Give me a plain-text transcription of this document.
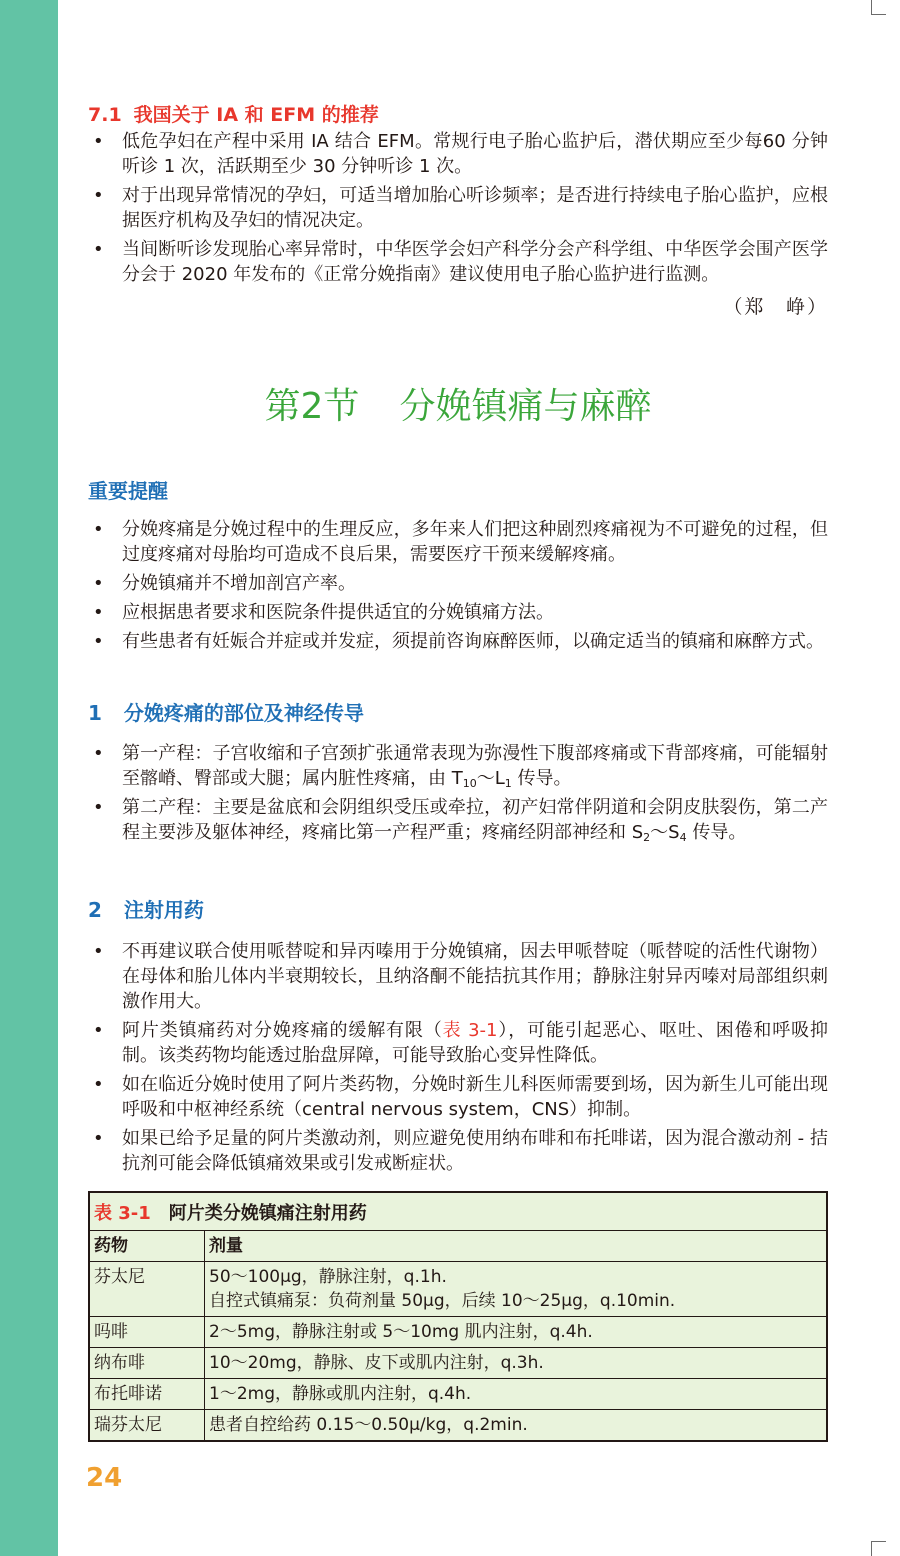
7.1 我国关于 IA 和 EFM 的推荐
• 低危孕妇在产程中采用 IA 结合 EFM。常规行电子胎心监护后，潜伏期应至少每60 分钟听诊 1 次，活跃期至少 30 分钟听诊 1 次。
• 对于出现异常情况的孕妇，可适当增加胎心听诊频率；是否进行持续电子胎心监护，应根据医疗机构及孕妇的情况决定。
• 当间断听诊发现胎心率异常时，中华医学会妇产科学分会产科学组、中华医学会围产医学分会于 2020 年发布的《正常分娩指南》建议使用电子胎心监护进行监测。
（郑　峥）
第2节 分娩镇痛与麻醉
重要提醒
• 分娩疼痛是分娩过程中的生理反应，多年来人们把这种剧烈疼痛视为不可避免的过程，但过度疼痛对母胎均可造成不良后果，需要医疗干预来缓解疼痛。
• 分娩镇痛并不增加剖宫产率。
• 应根据患者要求和医院条件提供适宜的分娩镇痛方法。
• 有些患者有妊娠合并症或并发症，须提前咨询麻醉医师，以确定适当的镇痛和麻醉方式。
1 分娩疼痛的部位及神经传导
• 第一产程：子宫收缩和子宫颈扩张通常表现为弥漫性下腹部疼痛或下背部疼痛，可能辐射至髂嵴、臀部或大腿；属内脏性疼痛，由 $T_{10}\sim L_1$ 传导。
• 第二产程：主要是盆底和会阴组织受压或牵拉，初产妇常伴阴道和会阴皮肤裂伤，第二产程主要涉及躯体神经，疼痛比第一产程严重；疼痛经阴部神经和 $S_2\sim S_4$ 传导。
2 注射用药
• 不再建议联合使用哌替啶和异丙嗪用于分娩镇痛，因去甲哌替啶（哌替啶的活性代谢物）在母体和胎儿体内半衰期较长，且纳洛酮不能拮抗其作用；静脉注射异丙嗪对局部组织刺激作用大。
• 阿片类镇痛药对分娩疼痛的缓解有限（表 3-1），可能引起恶心、呕吐、困倦和呼吸抑制。该类药物均能透过胎盘屏障，可能导致胎心变异性降低。
• 如在临近分娩时使用了阿片类药物，分娩时新生儿科医师需要到场，因为新生儿可能出现呼吸和中枢神经系统（central nervous system，CNS）抑制。
• 如果已给予足量的阿片类激动剂，则应避免使用纳布啡和布托啡诺，因为混合激动剂 - 拮抗剂可能会降低镇痛效果或引发戒断症状。
表 3-1 阿片类分娩镇痛注射用药
药物	剂量
芬太尼	50～100μg，静脉注射，q.1h.
自控式镇痛泵：负荷剂量 50μg，后续 10～25μg，q.10min.

吗啡	2～5mg，静脉注射或 5～10mg 肌内注射，q.4h.
纳布啡	10～20mg，静脉、皮下或肌内注射，q.3h.
布托啡诺	1～2mg，静脉或肌内注射，q.4h.
瑞芬太尼	患者自控给药 0.15～0.50μ/kg，q.2min.
24
